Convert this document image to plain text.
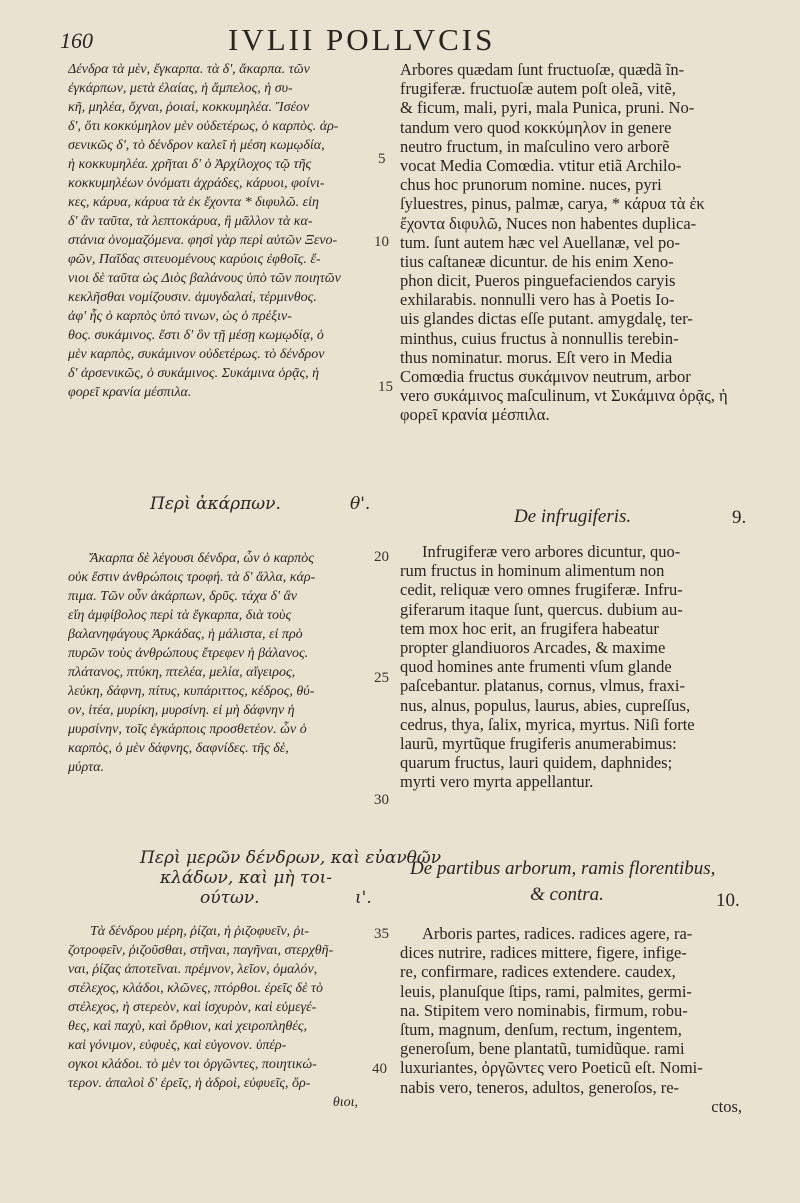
160	IVLII POLLVCIS
Δένδρα τὰ μὲν, ἔγκαρπα. τὰ δ', ἄκαρπα. τῶν
ἐγκάρπων, μετὰ ἐλαίας, ἡ ἄμπελος, ἡ συ-
κῆ, μηλέα, ὄχναι, ῥοιαί, κοκκυμηλέα. Ἴσέον
δ', ὅτι κοκκύμηλον μὲν οὐδετέρως, ὁ καρπὸς. ἀρ-
σενικῶς δ', τὸ δένδρον καλεῖ ἡ μέση κωμῳδία,
ἡ κοκκυμηλέα. χρῆται δ' ὁ Ἀρχίλοχος τῷ τῆς
κοκκυμηλέων ὀνόματι ἀχράδες, κάρυοι, φοίνι-
κες, κάρυα, κάρυα τὰ ἐκ ἔχοντα * διφυλῶ. εἰη
δ' ἂν ταῦτα, τὰ λεπτοκάρυα, ἢ μᾶλλον τὰ κα-
στάνια ὀνομαζόμενα. φησὶ γὰρ περὶ αὐτῶν Ξενο-
φῶν, Παῖδας σιτευομένους καρύοις ἐφθοῖς. ἔ-
νιοι δὲ ταῦτα ὡς Διὸς βαλάνους ὑπὸ τῶν ποιητῶν
κεκλῆσθαι νομίζουσιν. ἀμυγδαλαί, τέρμινθος.
ἀφ' ἧς ὁ καρπὸς ὑπό τινων, ὡς ὁ πρέξιν-
θος. συκάμινος. ἔστι δ' ὃν τῇ μέσῃ κωμῳδίᾳ, ὁ
μὲν καρπὸς, συκάμινον οὐδετέρως. τὸ δένδρον
δ' ἀρσενικῶς, ὁ συκάμινος. Συκάμινα ὁρᾷς, ἡ
φορεῖ κρανία μέσπιλα.
Περὶ ἀκάρπων.	θ'.
Ἄκαρπα δὲ λέγουσι δένδρα, ὧν ὁ καρπὸς
οὐκ ἔστιν ἀνθρώποις τροφή. τὰ δ' ἄλλα, κάρ-
πιμα. Τῶν οὖν ἀκάρπων, δρῦς. τάχα δ' ἂν
εἴη ἀμφίβολος περὶ τὰ ἔγκαρπα, διὰ τοὺς
βαλανηφάγους Ἀρκάδας, ἡ μάλιστα, εἰ πρὸ
πυρῶν τοὺς ἀνθρώπους ἔτρεφεν ἡ βάλανος.
πλάτανος, πτύκη, πτελέα, μελία, αἴγειρος,
λεύκη, δάφνη, πίτυς, κυπάριττος, κέδρος, θύ-
ον, ἰτέα, μυρίκη, μυρσίνη. εἰ μὴ δάφνην ἡ
μυρσίνην, τοῖς ἐγκάρποις προσθετέον. ὧν ὁ
καρπὸς, ὁ μὲν δάφνης, δαφνίδες. τῆς δὲ,
μύρτα.
Περὶ μερῶν δένδρων, καὶ εὐανθῶν
κλάδων, καὶ μὴ τοι-
ούτων.	ι'.
Τὰ δένδρου μέρη, ῥίζαι, ἡ ῥιζοφυεῖν, ῥι-
ζοτροφεῖν, ῥιζοῦσθαι, στῆναι, παγῆναι, στερχθῆ-
ναι, ῥίζας ἀποτεῖναι. πρέμνον, λεῖον, ὁμαλόν,
στέλεχος, κλάδοι, κλῶνες, πτόρθοι. ἐρεῖς δὲ τὸ
στέλεχος, ἡ στερεὸν, καὶ ἰσχυρὸν, καὶ εὐμεγέ-
θες, καὶ παχὺ, καὶ ὄρθιον, καὶ χειροπληθές,
καὶ γόνιμον, εὐφυὲς, καὶ εὐγονον. ὑπέρ-
ογκοι κλάδοι. τὸ μὲν τοι ὀργῶντες, ποιητικώ-
τερον. ἁπαλοὶ δ' ἐρεῖς, ἡ ἁδροὶ, εὐφυεῖς, ὄρ-
θιοι,
5
10
15
20
25
30
35
40
Arbores quædam ſunt fructuoſæ, quædã ĩn-
frugiferæ. fructuoſæ autem poſt oleã, vitẽ,
& ficum, mali, pyri, mala Punica, pruni. No-
tandum vero quod κοκκύμηλον in genere
neutro fructum, in maſculino vero arborẽ
vocat Media Comœdia. vtitur etiã Archilo-
chus hoc prunorum nomine. nuces, pyri
ſyluestres, pinus, palmæ, carya, * κάρυα τὰ ἐκ
ἔχοντα διφυλῶ, Nuces non habentes duplica-
tum. ſunt autem hæc vel Auellanæ, vel po-
tius caſtaneæ dicuntur. de his enim Xeno-
phon dicit, Pueros pinguefaciendos caryis
exhilarabis. nonnulli vero has à Poetis Io-
uis glandes dictas eſſe putant. amygdalę, ter-
minthus, cuius fructus à nonnullis terebin-
thus nominatur. morus. Eſt vero in Media
Comœdia fructus συκάμινον neutrum, arbor
vero συκάμινος maſculinum, vt Συκάμινα ὁρᾷς, ἡ
φορεῖ κρανία μέσπιλα.
De infrugiferis.	9.
Infrugiferæ vero arbores dicuntur, quo-
rum fructus in hominum alimentum non
cedit, reliquæ vero omnes frugiferæ. Infru-
giferarum itaque ſunt, quercus. dubium au-
tem mox hoc erit, an frugifera habeatur
propter glandiuoros Arcades, & maxime
quod homines ante frumenti vſum glande
paſcebantur. platanus, cornus, vlmus, fraxi-
nus, alnus, populus, laurus, abies, cupreſſus,
cedrus, thya, ſalix, myrica, myrtus. Niſi forte
laurũ, myrtũque frugiferis anumerabimus:
quarum fructus, lauri quidem, daphnides;
myrti vero myrta appellantur.
De partibus arborum, ramis florentibus,
& contra.	10.
Arboris partes, radices. radices agere, ra-
dices nutrire, radices mittere, figere, infige-
re, confirmare, radices extendere. caudex,
leuis, planuſque ſtips, rami, palmites, germi-
na. Stipitem vero nominabis, firmum, robu-
ſtum, magnum, denſum, rectum, ingentem,
generoſum, bene plantatũ, tumidũque. rami
luxuriantes, ὀργῶντες vero Poeticũ eſt. Nomi-
nabis vero, teneros, adultos, generoſos, re-
ctos,
